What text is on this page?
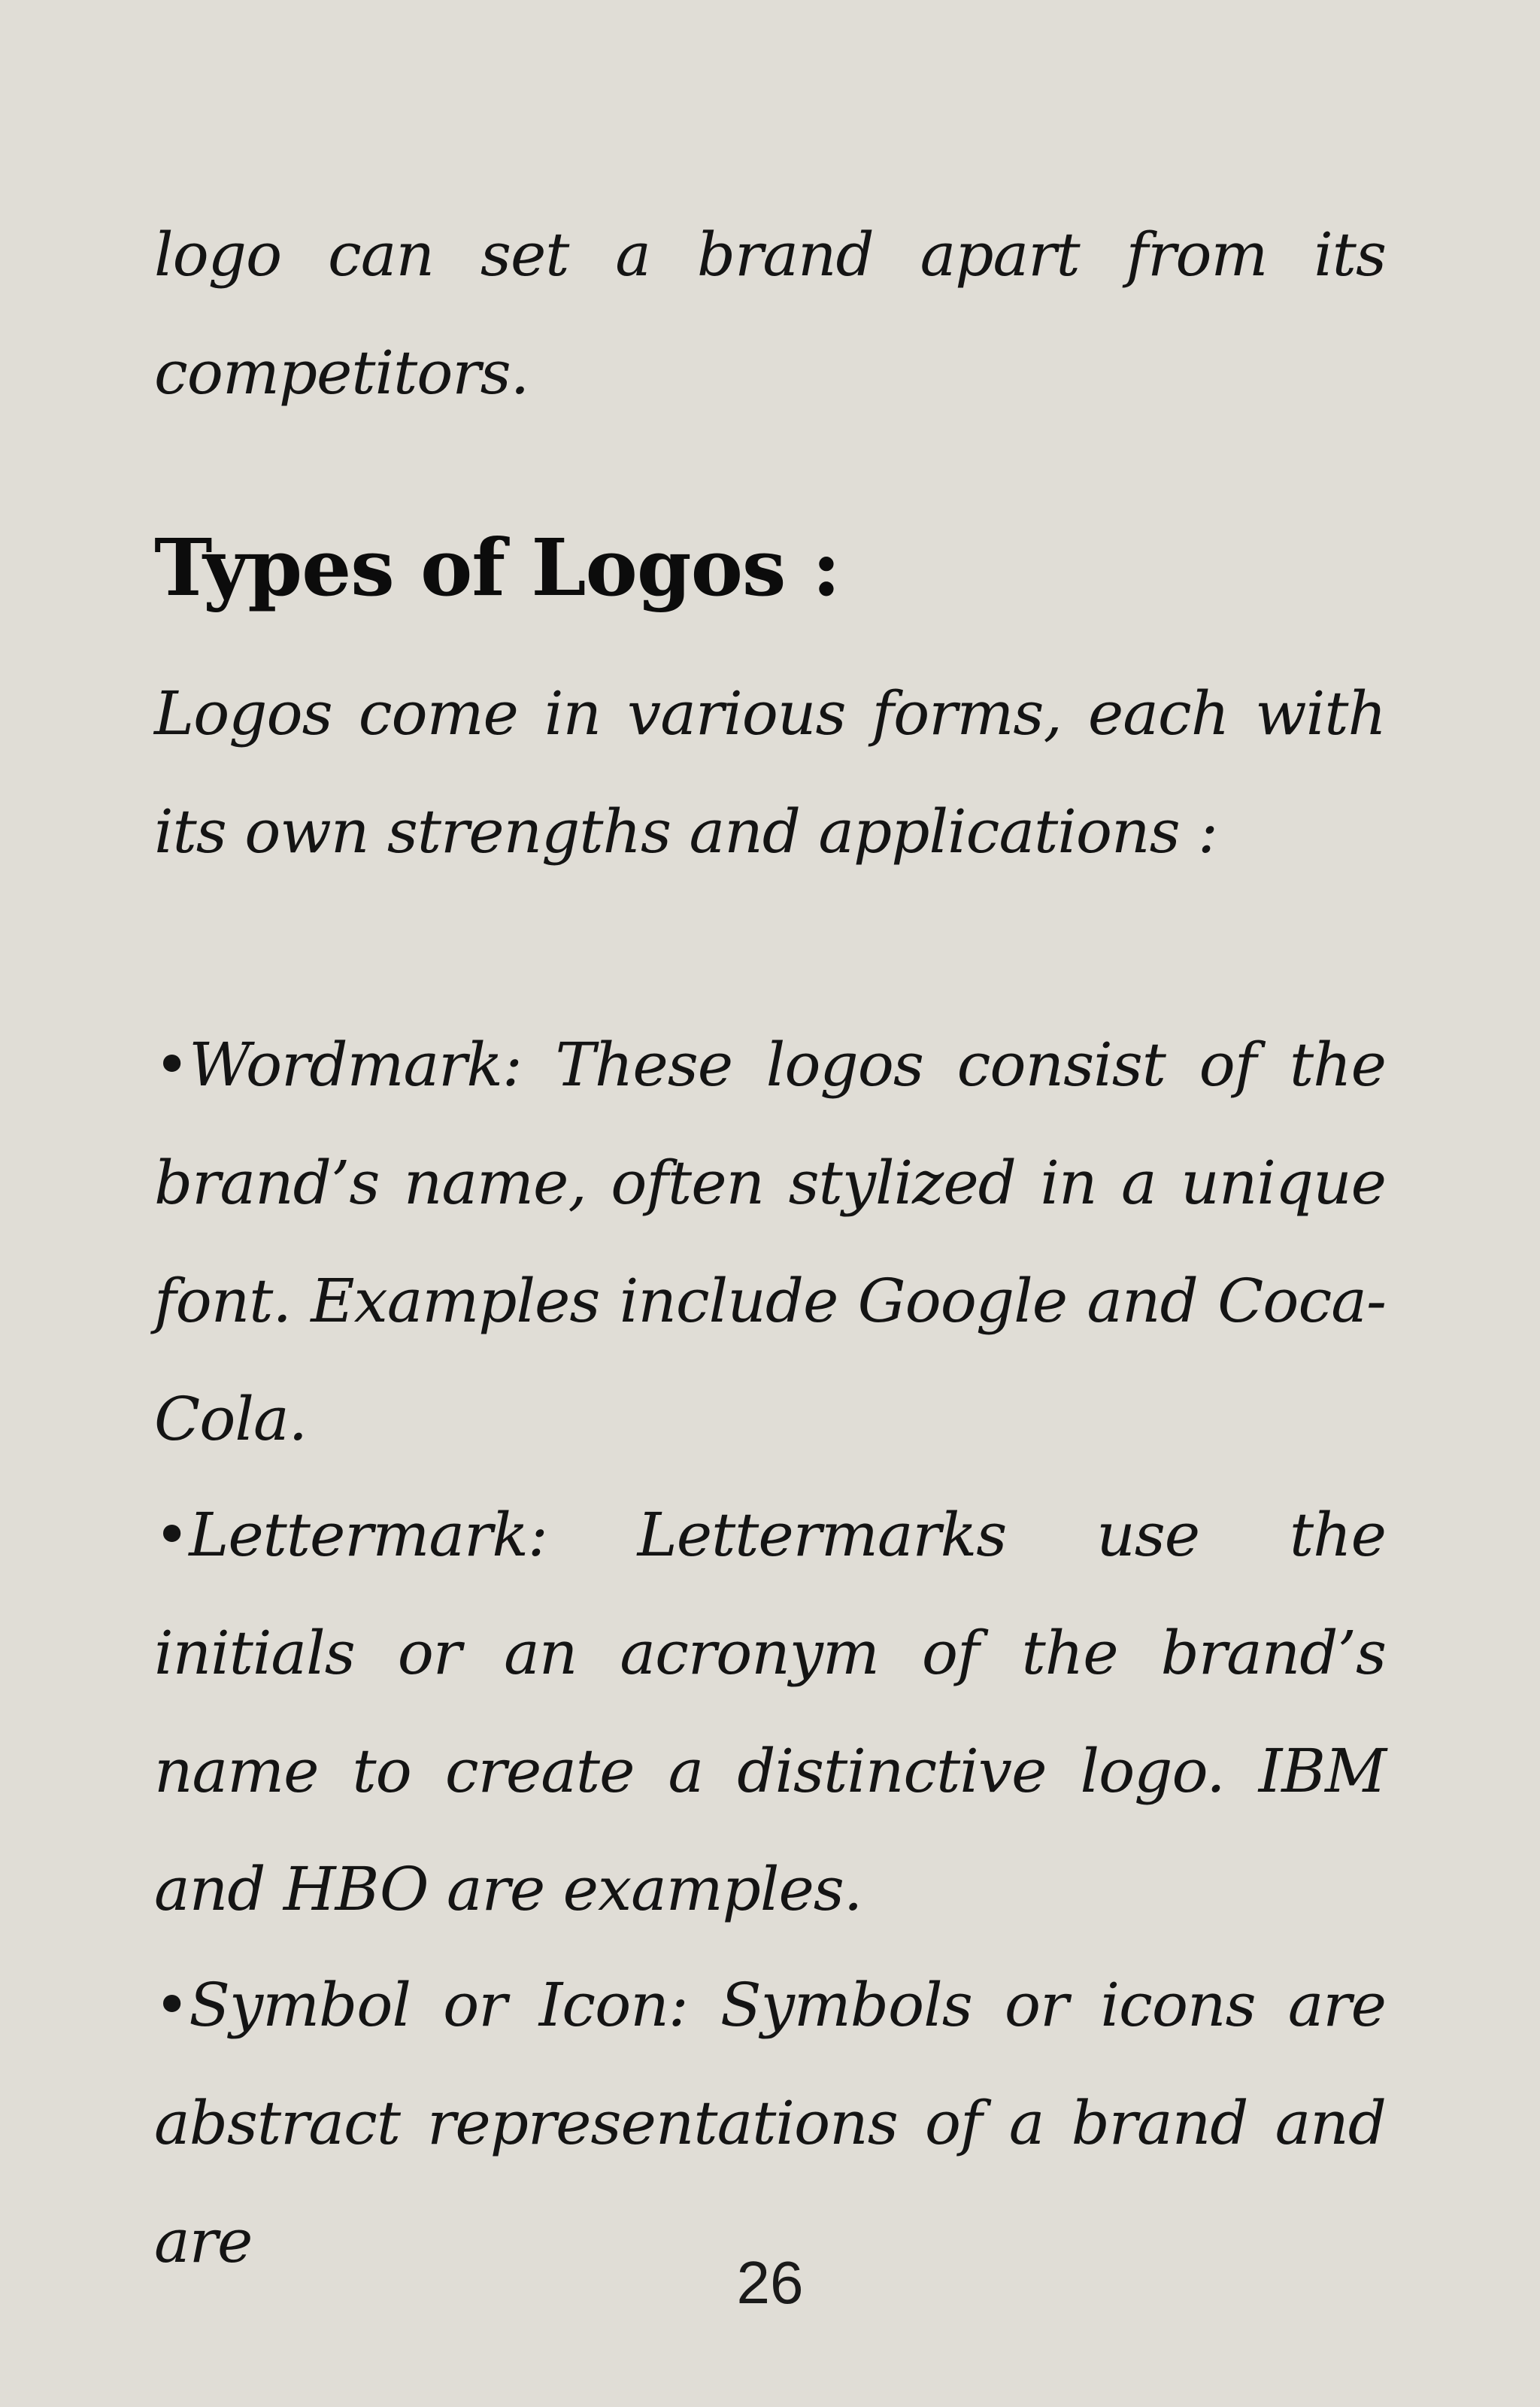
logo can set a brand apart from its competitors.

Types of Logos :

Logos come in various forms, each with its own strengths and applications :

•Wordmark: These logos consist of the brand’s name, often stylized in a unique font. Examples include Google and Coca-Cola.

•Lettermark: Lettermarks use the initials or an acronym of the brand’s name to create a distinctive logo. IBM and HBO are examples.

•Symbol or Icon: Symbols or icons are abstract representations of a brand and are

26
